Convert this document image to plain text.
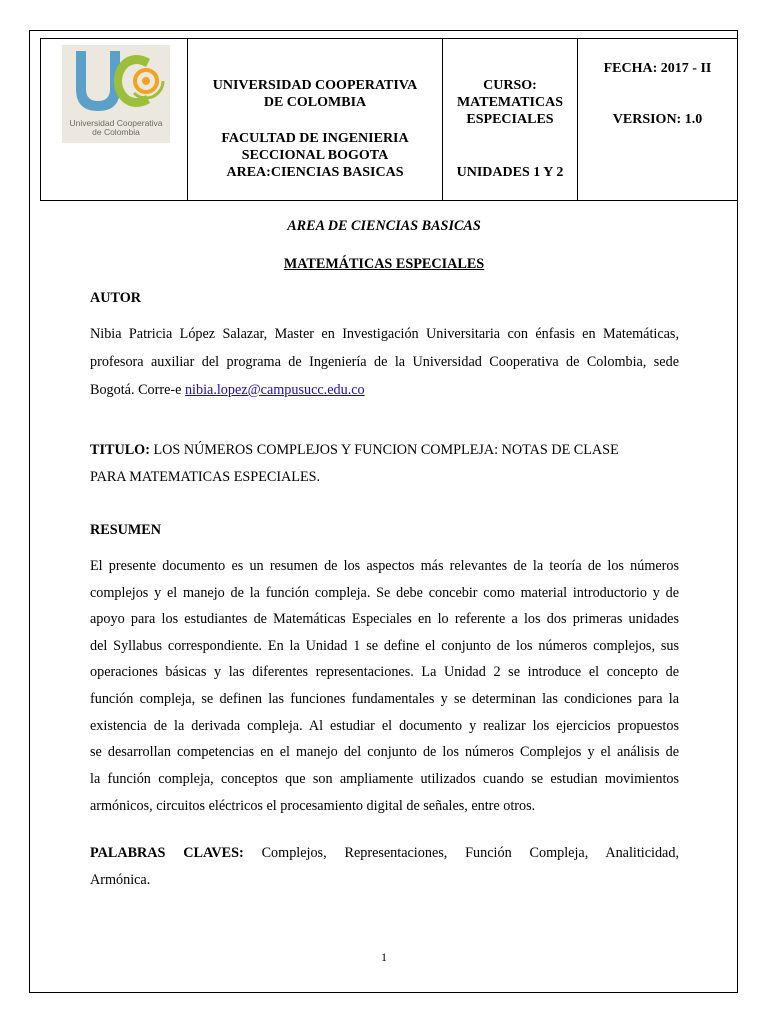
Universidad Cooperativa
de Colombia
UNIVERSIDAD COOPERATIVA
DE COLOMBIA
FACULTAD DE INGENIERIA
SECCIONAL BOGOTA
AREA:CIENCIAS BASICAS
CURSO:
MATEMATICAS
ESPECIALES
UNIDADES 1 Y 2
FECHA: 2017 - II
VERSION: 1.0
AREA DE CIENCIAS BASICAS
MATEMÁTICAS ESPECIALES
AUTOR
Nibia Patricia López Salazar, Master en Investigación Universitaria con énfasis en Matemáticas,
profesora auxiliar del programa de Ingeniería de la Universidad Cooperativa de Colombia, sede
Bogotá. Corre-e nibia.lopez@campusucc.edu.co
TITULO: LOS NÚMEROS COMPLEJOS Y FUNCION COMPLEJA: NOTAS DE CLASE
PARA MATEMATICAS ESPECIALES.
RESUMEN
El presente documento es un resumen de los aspectos más relevantes de la teoría de los números
complejos y el manejo de la función compleja. Se debe concebir como material introductorio y de
apoyo para los estudiantes de Matemáticas Especiales en lo referente a los dos primeras unidades
del Syllabus correspondiente. En la Unidad 1 se define el conjunto de los números complejos, sus
operaciones básicas y las diferentes representaciones. La Unidad 2 se introduce el concepto de
función compleja, se definen las funciones fundamentales y se determinan las condiciones para la
existencia de la derivada compleja. Al estudiar el documento y realizar los ejercicios propuestos
se desarrollan competencias en el manejo del conjunto de los números Complejos y el análisis de
la función compleja, conceptos que son ampliamente utilizados cuando se estudian movimientos
armónicos, circuitos eléctricos el procesamiento digital de señales, entre otros.
PALABRAS CLAVES: Complejos, Representaciones, Función Compleja, Analiticidad,
Armónica.
1
